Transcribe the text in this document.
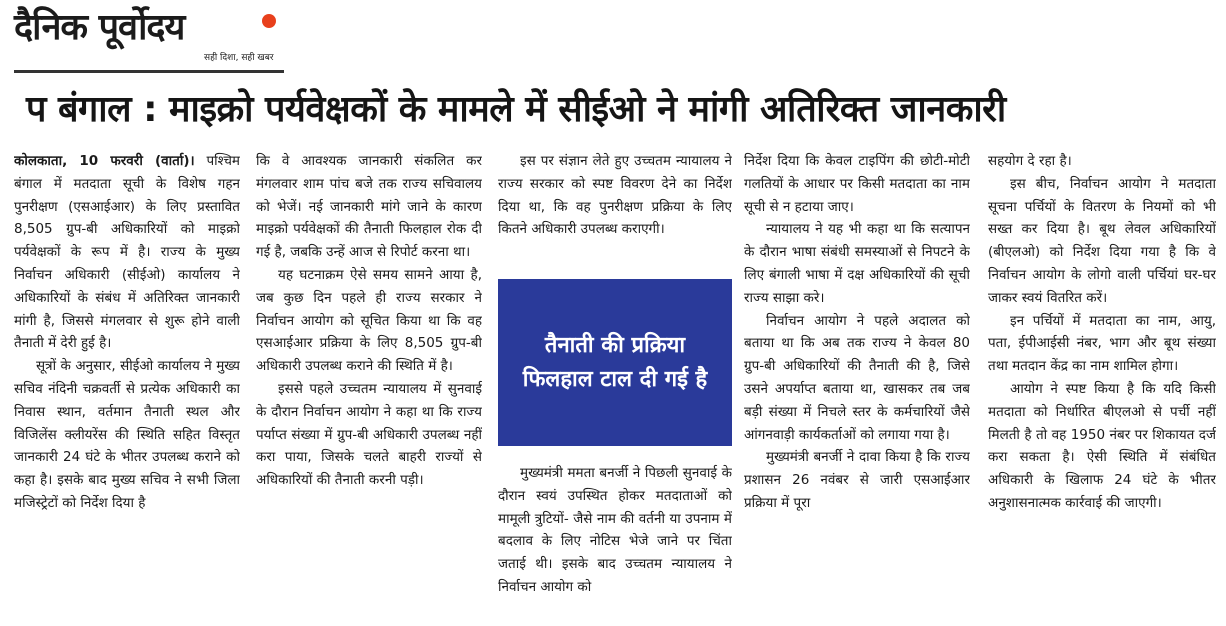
दैनिक पूर्वोदय
सही दिशा, सही खबर
प बंगाल : माइक्रो पर्यवेक्षकों के मामले में सीईओ ने मांगी अतिरिक्त जानकारी

कोलकाता, 10 फरवरी (वार्ता)। पश्चिम बंगाल में मतदाता सूची के विशेष गहन पुनरीक्षण (एसआईआर) के लिए प्रस्तावित 8,505 ग्रुप-बी अधिकारियों को माइक्रो पर्यवेक्षकों के रूप में है। राज्य के मुख्य निर्वाचन अधिकारी (सीईओ) कार्यालय ने अधिकारियों के संबंध में अतिरिक्त जानकारी मांगी है, जिससे मंगलवार से शुरू होने वाली तैनाती में देरी हुई है।

सूत्रों के अनुसार, सीईओ कार्यालय ने मुख्य सचिव नंदिनी चक्रवर्ती से प्रत्येक अधिकारी का निवास स्थान, वर्तमान तैनाती स्थल और विजिलेंस क्लीयरेंस की स्थिति सहित विस्तृत जानकारी 24 घंटे के भीतर उपलब्ध कराने को कहा है। इसके बाद मुख्य सचिव ने सभी जिला मजिस्ट्रेटों को निर्देश दिया है

कि वे आवश्यक जानकारी संकलित कर मंगलवार शाम पांच बजे तक राज्य सचिवालय को भेजें। नई जानकारी मांगे जाने के कारण माइक्रो पर्यवेक्षकों की तैनाती फिलहाल रोक दी गई है, जबकि उन्हें आज से रिपोर्ट करना था।

यह घटनाक्रम ऐसे समय सामने आया है, जब कुछ दिन पहले ही राज्य सरकार ने निर्वाचन आयोग को सूचित किया था कि वह एसआईआर प्रक्रिया के लिए 8,505 ग्रुप-बी अधिकारी उपलब्ध कराने की स्थिति में है।

इससे पहले उच्चतम न्यायालय में सुनवाई के दौरान निर्वाचन आयोग ने कहा था कि राज्य पर्याप्त संख्या में ग्रुप-बी अधिकारी उपलब्ध नहीं करा पाया, जिसके चलते बाहरी राज्यों से अधिकारियों की तैनाती करनी पड़ी।

इस पर संज्ञान लेते हुए उच्चतम न्यायालय ने राज्य सरकार को स्पष्ट विवरण देने का निर्देश दिया था, कि वह पुनरीक्षण प्रक्रिया के लिए कितने अधिकारी उपलब्ध कराएगी।

तैनाती की प्रक्रिया फिलहाल टाल दी गई है

मुख्यमंत्री ममता बनर्जी ने पिछली सुनवाई के दौरान स्वयं उपस्थित होकर मतदाताओं को मामूली त्रुटियों- जैसे नाम की वर्तनी या उपनाम में बदलाव के लिए नोटिस भेजे जाने पर चिंता जताई थी। इसके बाद उच्चतम न्यायालय ने निर्वाचन आयोग को

निर्देश दिया कि केवल टाइपिंग की छोटी-मोटी गलतियों के आधार पर किसी मतदाता का नाम सूची से न हटाया जाए।

न्यायालय ने यह भी कहा था कि सत्यापन के दौरान भाषा संबंधी समस्याओं से निपटने के लिए बंगाली भाषा में दक्ष अधिकारियों की सूची राज्य साझा करे।

निर्वाचन आयोग ने पहले अदालत को बताया था कि अब तक राज्य ने केवल 80 ग्रुप-बी अधिकारियों की तैनाती की है, जिसे उसने अपर्याप्त बताया था, खासकर तब जब बड़ी संख्या में निचले स्तर के कर्मचारियों जैसे आंगनवाड़ी कार्यकर्ताओं को लगाया गया है।

मुख्यमंत्री बनर्जी ने दावा किया है कि राज्य प्रशासन 26 नवंबर से जारी एसआईआर प्रक्रिया में पूरा

सहयोग दे रहा है।

इस बीच, निर्वाचन आयोग ने मतदाता सूचना पर्चियों के वितरण के नियमों को भी सख्त कर दिया है। बूथ लेवल अधिकारियों (बीएलओ) को निर्देश दिया गया है कि वे निर्वाचन आयोग के लोगो वाली पर्चियां घर-घर जाकर स्वयं वितरित करें।

इन पर्चियों में मतदाता का नाम, आयु, पता, ईपीआईसी नंबर, भाग और बूथ संख्या तथा मतदान केंद्र का नाम शामिल होगा।

आयोग ने स्पष्ट किया है कि यदि किसी मतदाता को निर्धारित बीएलओ से पर्ची नहीं मिलती है तो वह 1950 नंबर पर शिकायत दर्ज करा सकता है। ऐसी स्थिति में संबंधित अधिकारी के खिलाफ 24 घंटे के भीतर अनुशासनात्मक कार्रवाई की जाएगी।
